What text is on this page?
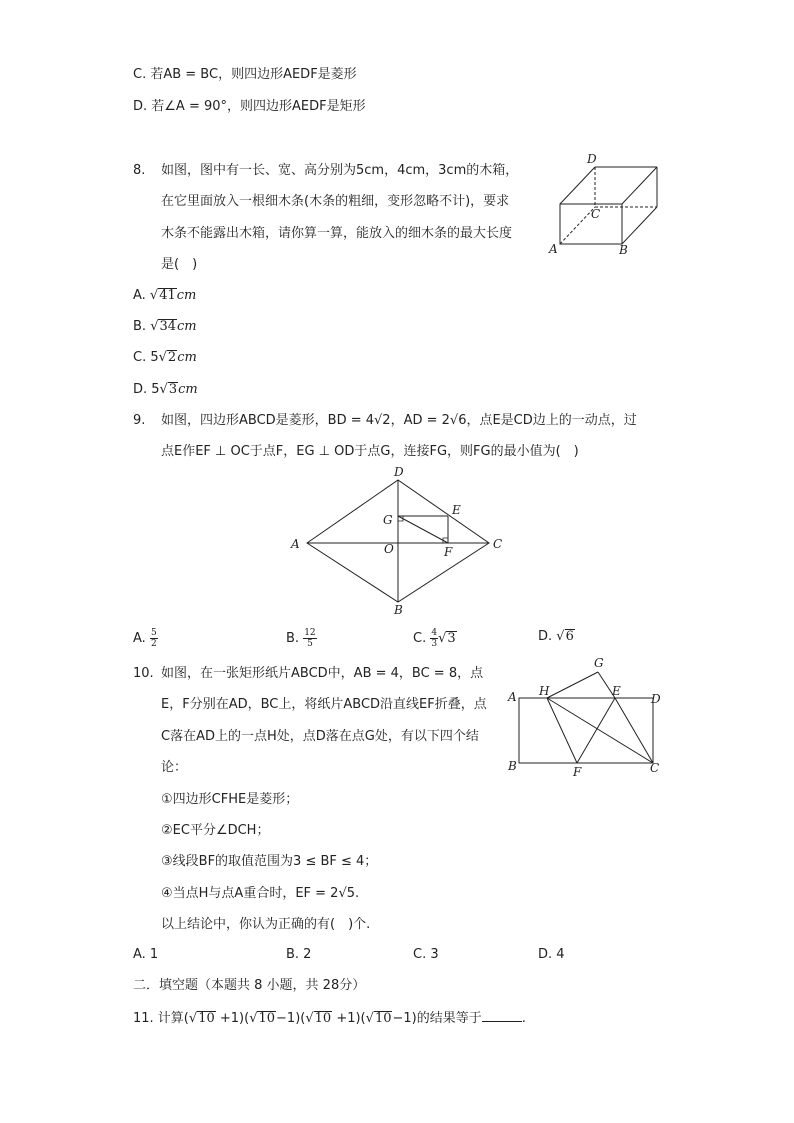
C. 若AB = BC，则四边形AEDF是菱形
D. 若∠A = 90°，则四边形AEDF是矩形
8. 如图，图中有一长、宽、高分别为5cm，4cm，3cm的木箱，
在它里面放入一根细木条(木条的粗细，变形忽略不计)，要求
木条不能露出木箱，请你算一算，能放入的细木条的最大长度
是(　)
D
C
A	B
A. √41cm
B. √34cm
C. 5√2cm
D. 5√3cm
9. 如图，四边形ABCD是菱形，BD = 4√2，AD = 2√6，点E是CD边上的一动点，过
点E作EF ⊥ OC于点F，EG ⊥ OD于点G，连接FG，则FG的最小值为(　)
D
A	C
B
O
G
E
F
A. $\frac{5}{2}$	B. $\frac{12}{5}$	C. $\frac{4}{3} √3$	D. √6
10. 如图，在一张矩形纸片ABCD中，AB = 4，BC = 8，点
E，F分别在AD，BC上，将纸片ABCD沿直线EF折叠，点
C落在AD上的一点H处，点D落在点G处，有以下四个结
论：
G
A H	E
D
B	F	C
①四边形CFHE是菱形；
②EC平分∠DCH；
③线段BF的取值范围为3 ≤ BF ≤ 4；
④当点H与点A重合时，EF = 2√5.
以上结论中，你认为正确的有(　)个.
A. 1	B. 2	C. 3	D. 4
二．填空题（本题共 8 小题，共 28分）
11. 计算(√10 +1)(√10−1)(√10 +1)(√10−1)的结果等于	.
